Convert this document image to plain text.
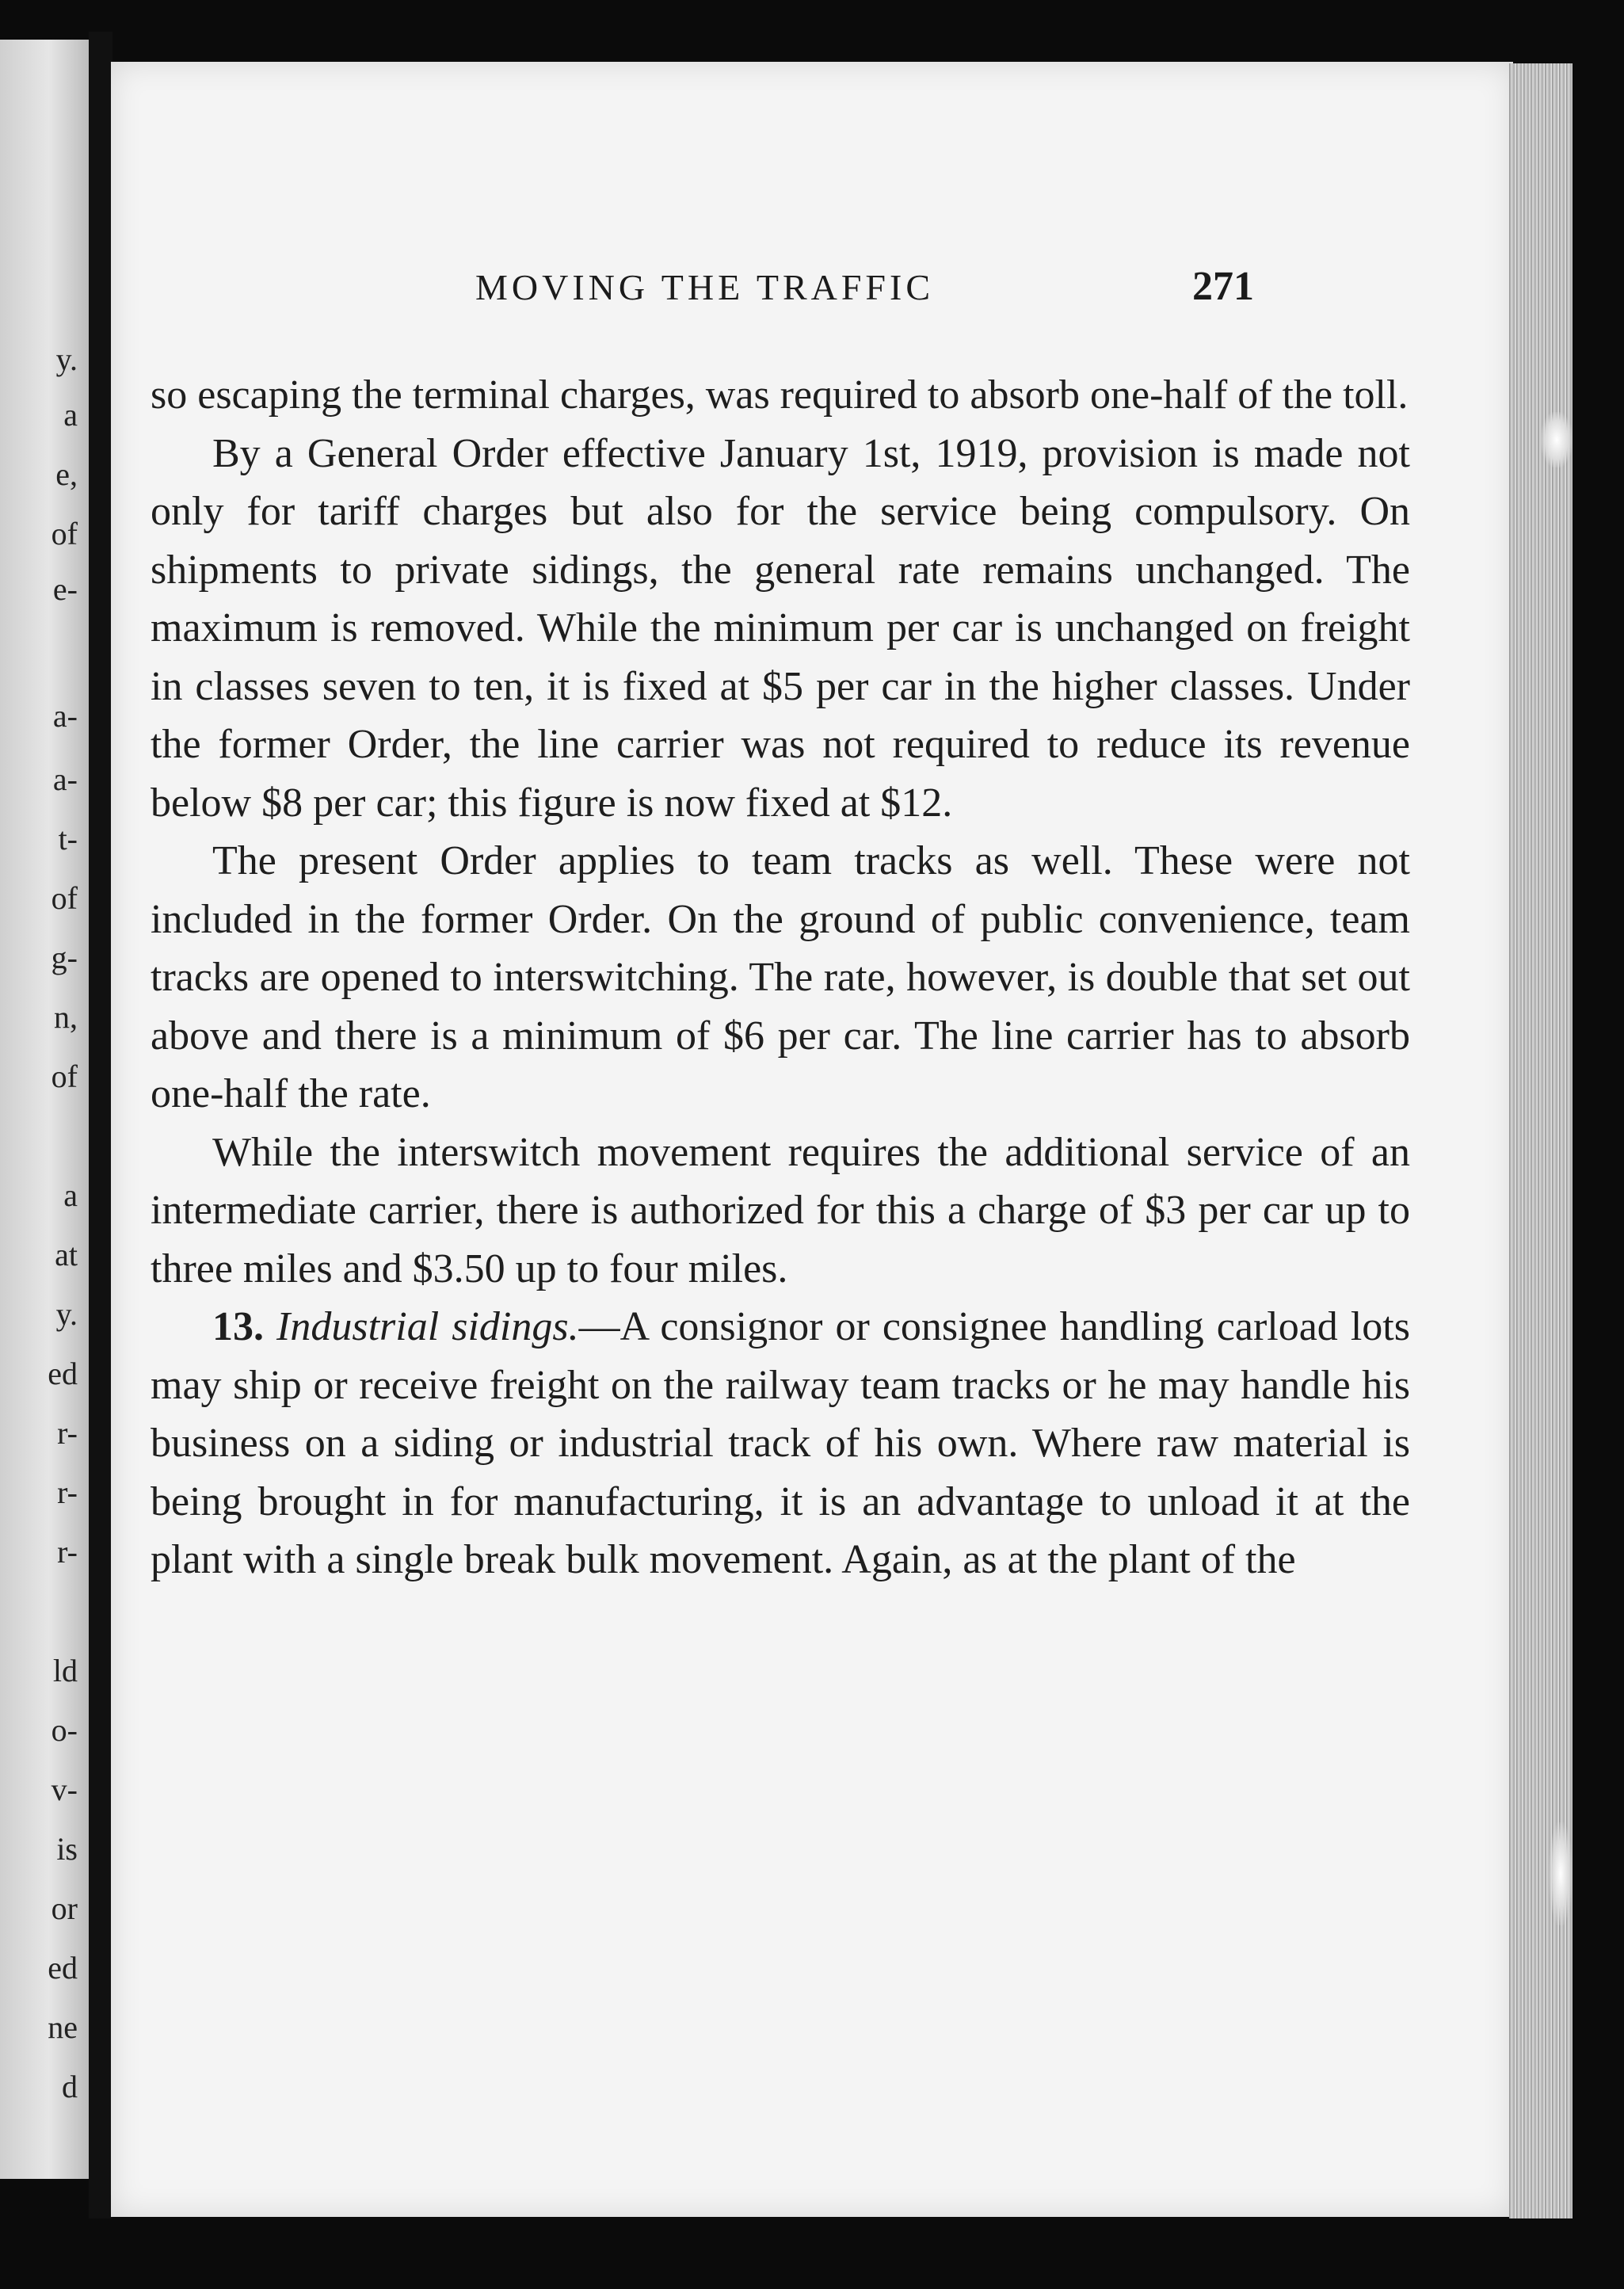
y.
a
e,
of
e-
a-
a-
t-
of
g-
n,
of
a
at
y.
ed
r-
r-
r-
ld
o-
v-
is
or
ed
ne
d
MOVING THE TRAFFIC	271

so escaping the terminal charges, was required to absorb one-half of the toll.

By a General Order effective January 1st, 1919, provision is made not only for tariff charges but also for the service being compulsory. On shipments to private sidings, the general rate remains unchanged. The maximum is removed. While the minimum per car is unchanged on freight in classes seven to ten, it is fixed at $5 per car in the higher classes. Under the former Order, the line carrier was not required to reduce its revenue below $8 per car; this figure is now fixed at $12.

The present Order applies to team tracks as well. These were not included in the former Order. On the ground of public convenience, team tracks are opened to interswitching. The rate, however, is double that set out above and there is a minimum of $6 per car. The line carrier has to absorb one-half the rate.

While the interswitch movement requires the additional service of an intermediate carrier, there is authorized for this a charge of $3 per car up to three miles and $3.50 up to four miles.

13. Industrial sidings.—A consignor or consignee handling carload lots may ship or receive freight on the railway team tracks or he may handle his business on a siding or industrial track of his own. Where raw material is being brought in for manufacturing, it is an advantage to unload it at the plant with a single break bulk movement. Again, as at the plant of the
